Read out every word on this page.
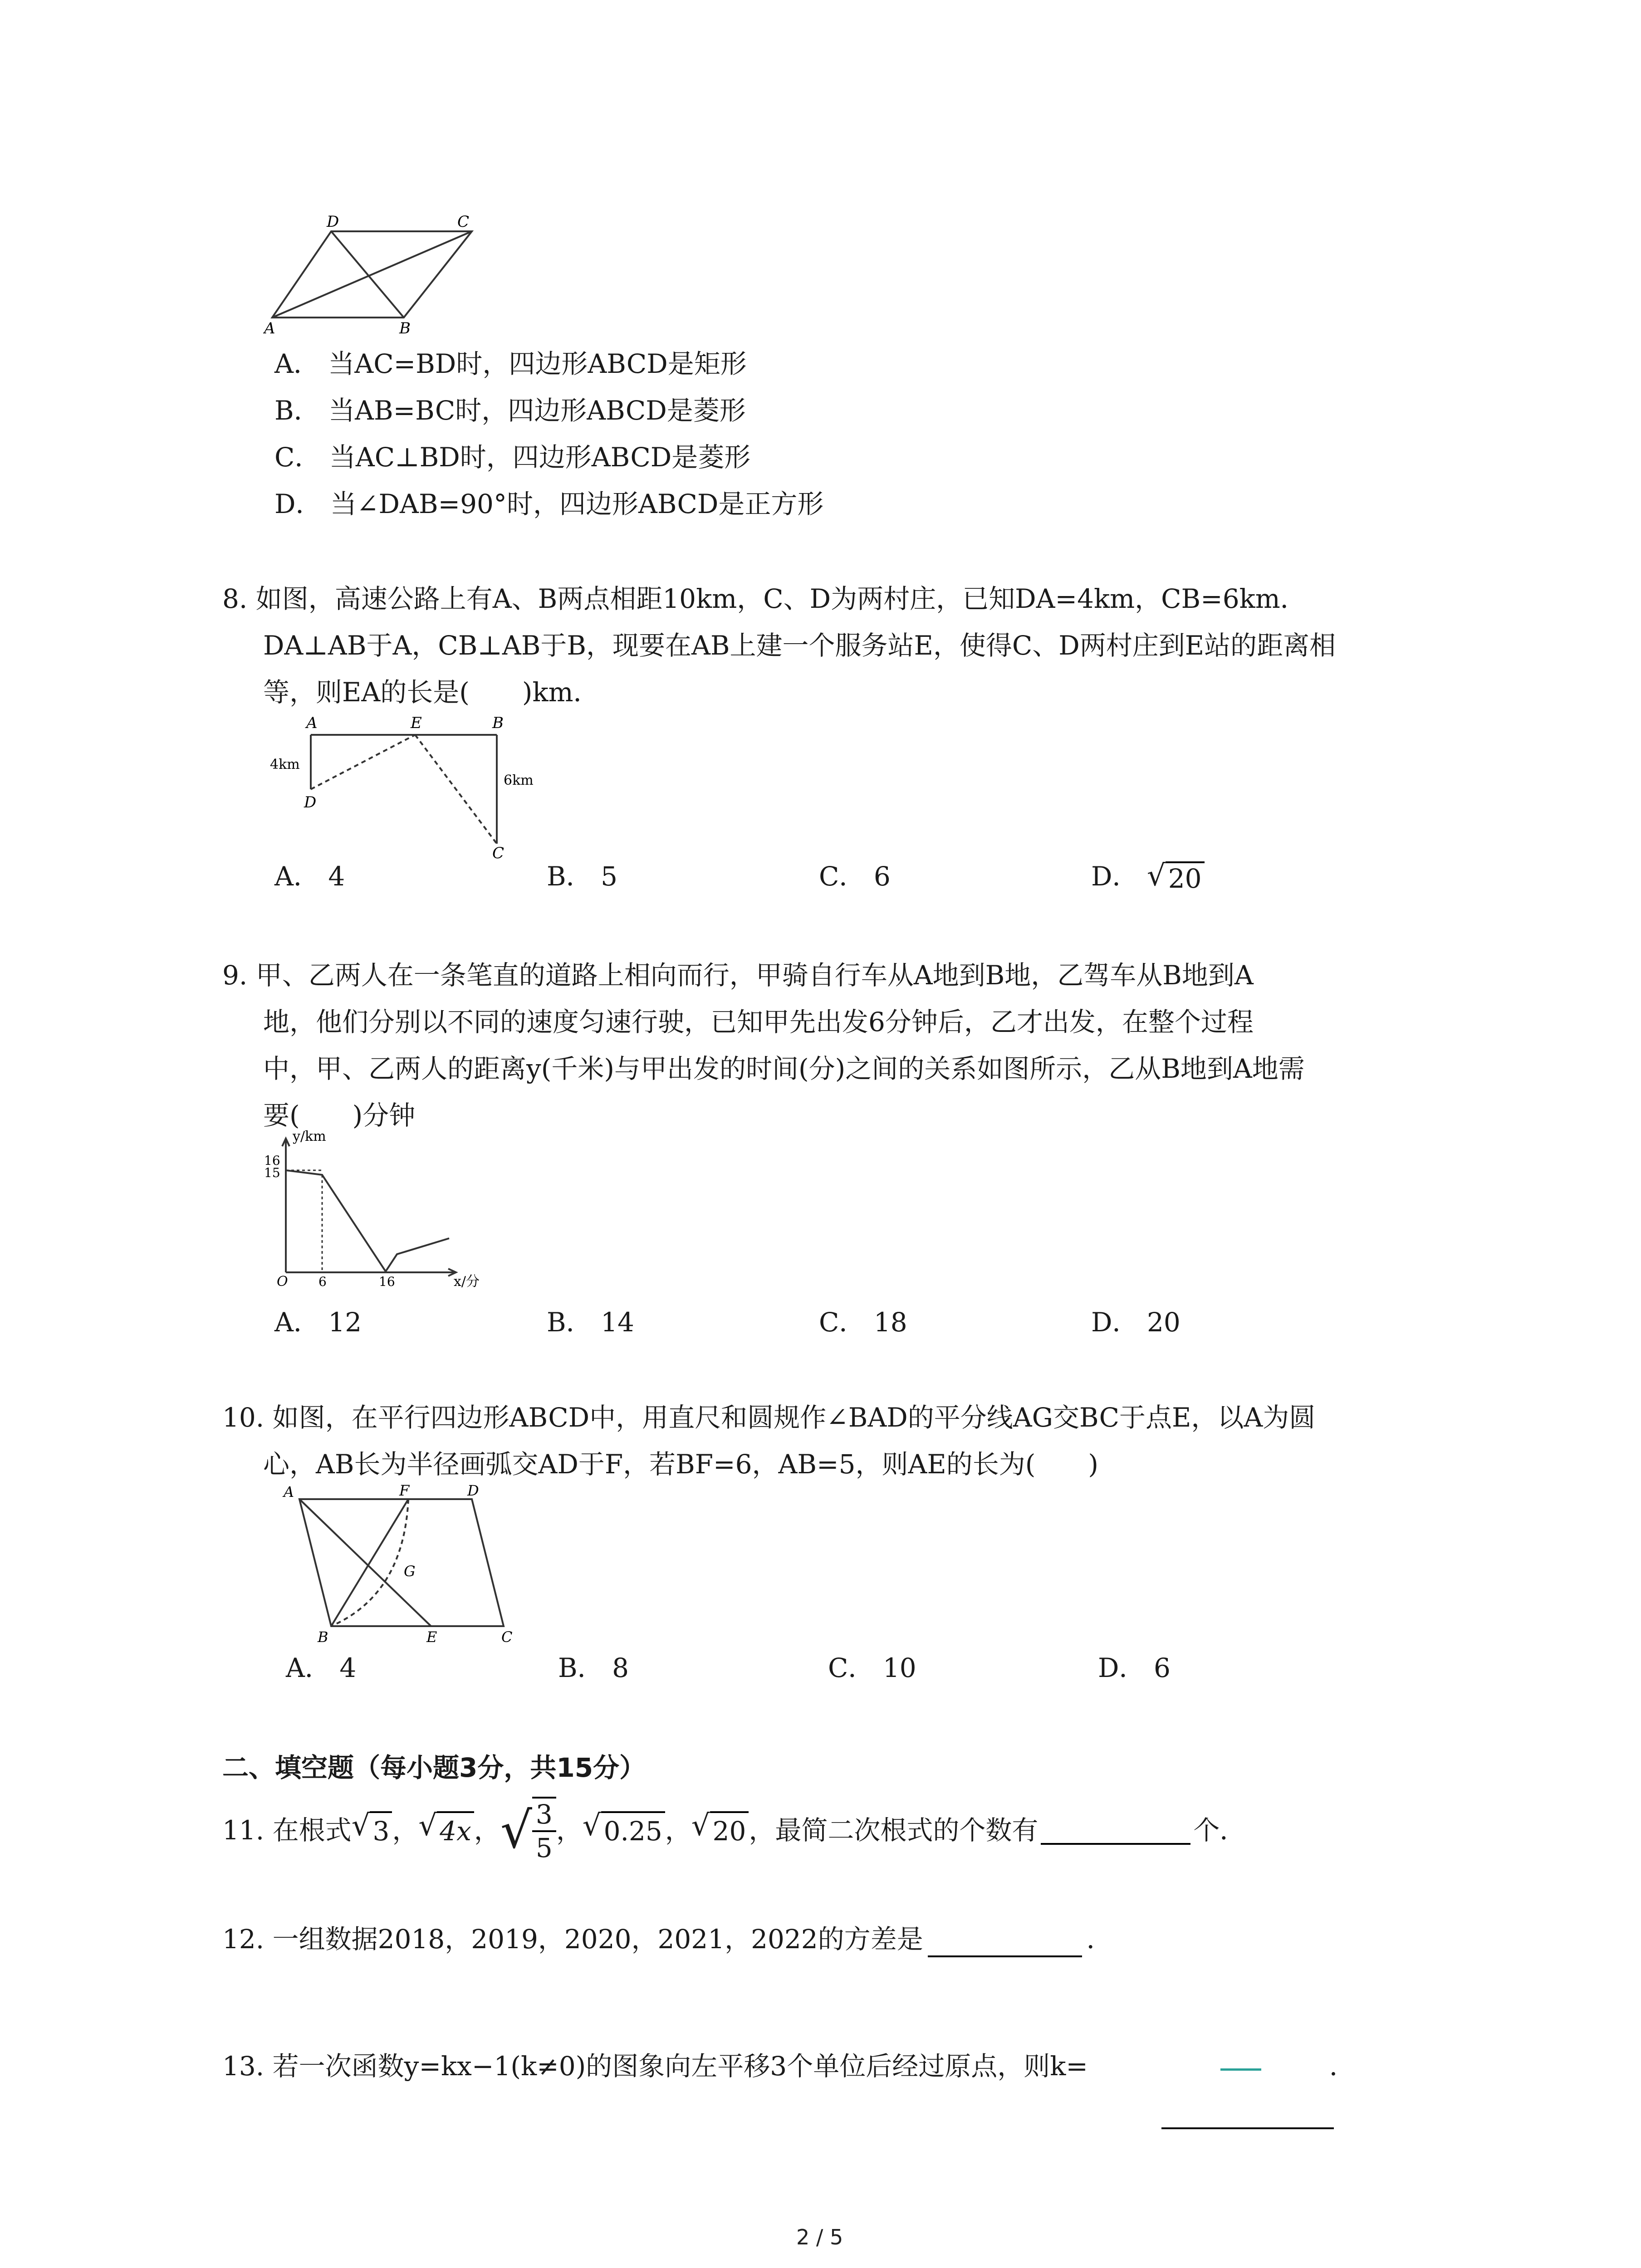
D	C
A	B
A． 当AC=BD时，四边形ABCD是矩形
B． 当AB=BC时，四边形ABCD是菱形
C． 当AC⊥BD时，四边形ABCD是菱形
D． 当∠DAB=90°时，四边形ABCD是正方形
8. 如图，高速公路上有A、B两点相距10km，C、D为两村庄，已知DA=4km，CB=6km．
DA⊥AB于A，CB⊥AB于B，现要在AB上建一个服务站E，使得C、D两村庄到E站的距离相
等，则EA的长是(　　)km．
A	E	B
D
C
4km
6km
A． 4	B． 5	C． 6	D． √ 20
9. 甲、乙两人在一条笔直的道路上相向而行，甲骑自行车从A地到B地，乙驾车从B地到A
地，他们分别以不同的速度匀速行驶，已知甲先出发6分钟后，乙才出发，在整个过程
中，甲、乙两人的距离y(千米)与甲出发的时间(分)之间的关系如图所示，乙从B地到A地需
要(　　)分钟
y/km
x/分
O
16
15
6	16
A． 12	B． 14	C． 18	D． 20
10. 如图，在平行四边形ABCD中，用直尺和圆规作∠BAD的平分线AG交BC于点E，以A为圆
心，AB长为半径画弧交AD于F，若BF=6，AB=5，则AE的长为(　　)
A	F	D
G
B	E	C
A． 4	B． 8	C． 10	D． 6
二、填空题（每小题3分，共15分）
11. 在根式 √ 3 ， √ 4x ， √ $\frac{3}{5}$ ， √ 0.25 ， √ 20 ，最简二次根式的个数有	个．
12. 一组数据2018，2019，2020，2021，2022的方差是	．
13. 若一次函数y=kx−1(k≠0)的图象向左平移3个单位后经过原点，则k=	．
2 / 5
